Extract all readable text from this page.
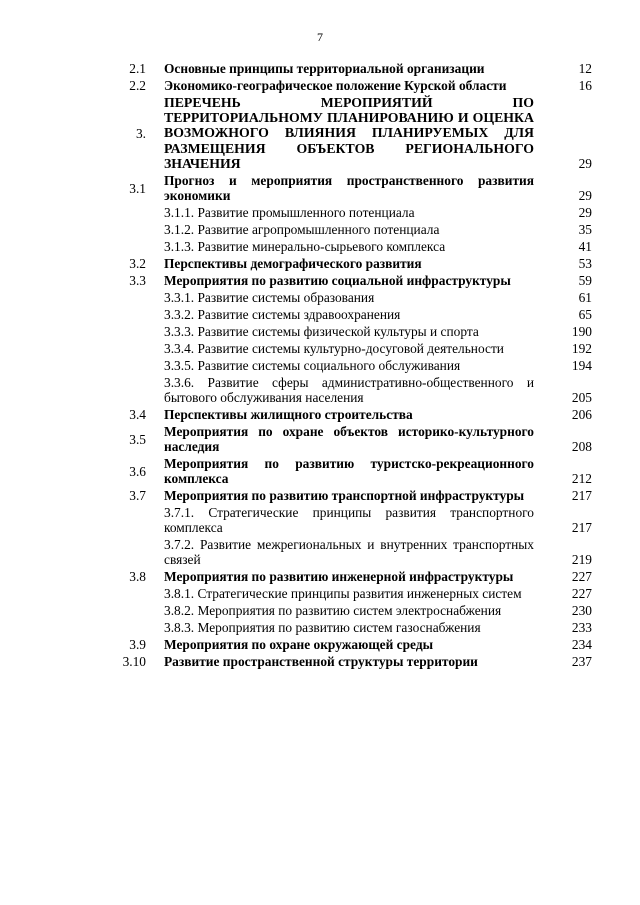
7
2.1	Основные принципы территориальной организации	12
2.2	Экономико-географическое положение Курской области	16
3.	ПЕРЕЧЕНЬ МЕРОПРИЯТИЙ ПО ТЕРРИТОРИАЛЬНОМУ ПЛАНИРОВАНИЮ И ОЦЕНКА ВОЗМОЖНОГО ВЛИЯНИЯ ПЛАНИРУЕМЫХ ДЛЯ РАЗМЕЩЕНИЯ ОБЪЕКТОВ РЕГИОНАЛЬНОГО ЗНАЧЕНИЯ	29
3.1	Прогноз и мероприятия пространственного развития экономики	29
	3.1.1. Развитие промышленного потенциала	29
	3.1.2. Развитие агропромышленного потенциала	35
	3.1.3. Развитие минерально-сырьевого комплекса	41
3.2	Перспективы демографического развития	53
3.3	Мероприятия по развитию социальной инфраструктуры	59
	3.3.1. Развитие системы образования	61
	3.3.2. Развитие системы здравоохранения	65
	3.3.3. Развитие системы физической культуры и спорта	190
	3.3.4. Развитие системы культурно-досуговой деятельности	192
	3.3.5. Развитие системы социального обслуживания	194
	3.3.6. Развитие сферы административно-общественного и бытового обслуживания населения	205
3.4	Перспективы жилищного строительства	206
3.5	Мероприятия по охране объектов историко-культурного наследия	208
3.6	Мероприятия по развитию туристско-рекреационного комплекса	212
3.7	Мероприятия по развитию транспортной инфраструктуры	217
	3.7.1. Стратегические принципы развития транспортного комплекса	217
	3.7.2. Развитие межрегиональных и внутренних транспортных связей	219
3.8	Мероприятия по развитию инженерной инфраструктуры	227
	3.8.1. Стратегические принципы развития инженерных систем	227
	3.8.2. Мероприятия по развитию систем электроснабжения	230
	3.8.3. Мероприятия по развитию систем газоснабжения	233
3.9	Мероприятия по охране окружающей среды	234
3.10	Развитие пространственной структуры территории	237
